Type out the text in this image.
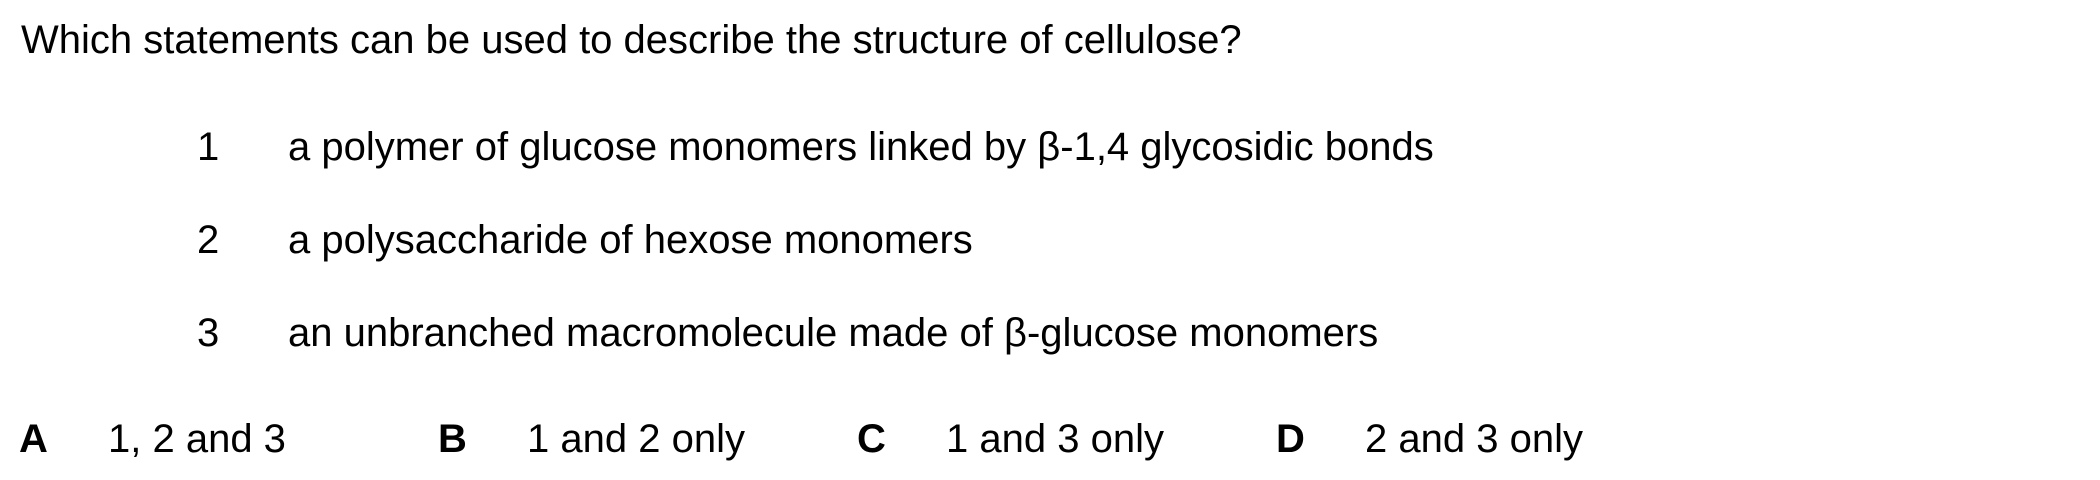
Which statements can be used to describe the structure of cellulose?
1 a polymer of glucose monomers linked by β-1,4 glycosidic bonds
2 a polysaccharide of hexose monomers
3 an unbranched macromolecule made of β-glucose monomers
A 1, 2 and 3	B 1 and 2 only	C 1 and 3 only	D 2 and 3 only
